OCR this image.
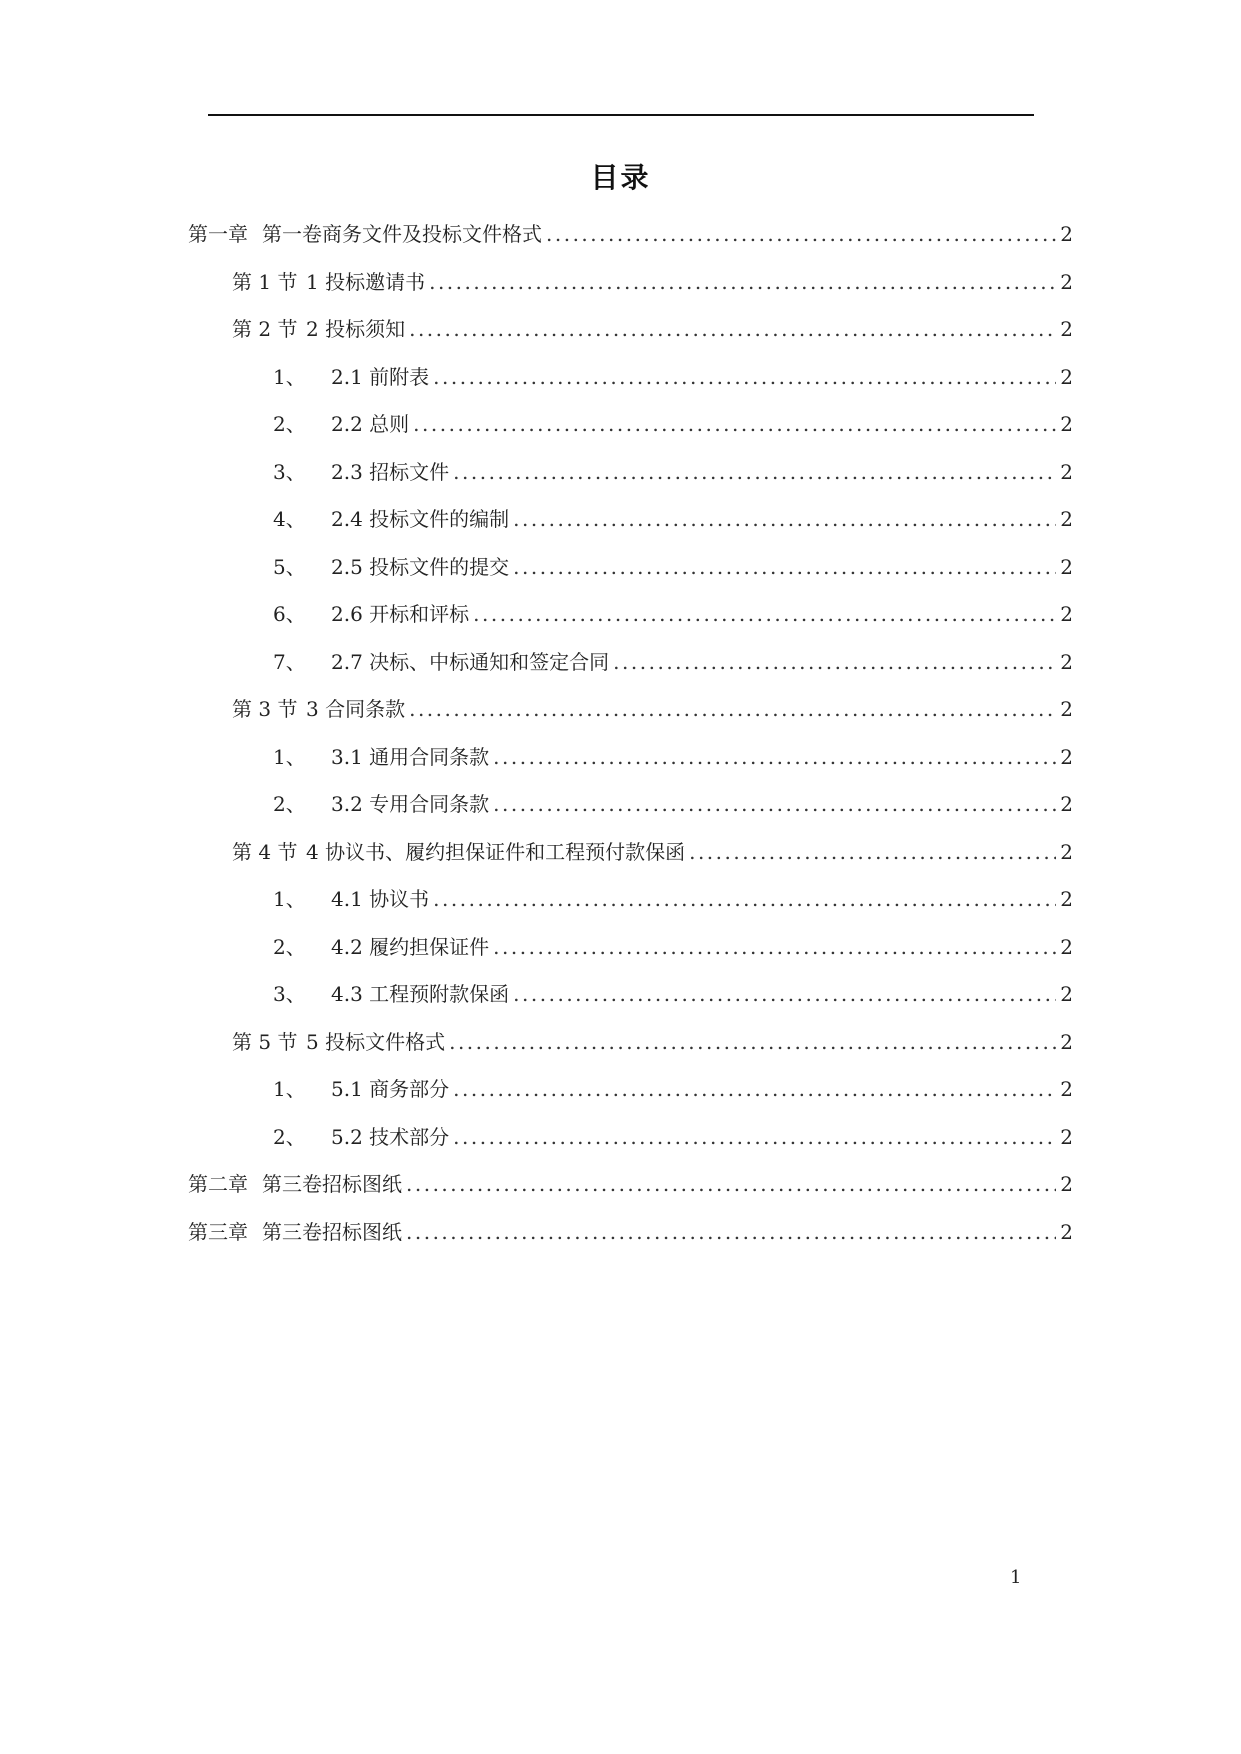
目录
第一章 第一卷商务文件及投标文件格式 .....	2
第 1 节 1 投标邀请书 .....	2
第 2 节 2 投标须知 .....	2
1、	2.1 前附表 .....	2
2、	2.2 总则 .....	2
3、	2.3 招标文件 .....	2
4、	2.4 投标文件的编制 .....	2
5、	2.5 投标文件的提交 .....	2
6、	2.6 开标和评标 .....	2
7、	2.7 决标、中标通知和签定合同 .....	2
第 3 节 3 合同条款 .....	2
1、	3.1 通用合同条款 .....	2
2、	3.2 专用合同条款 .....	2
第 4 节 4 协议书、履约担保证件和工程预付款保函 .....	2
1、	4.1 协议书 .....	2
2、	4.2 履约担保证件 .....	2
3、	4.3 工程预附款保函 .....	2
第 5 节 5 投标文件格式 .....	2
1、	5.1 商务部分 .....	2
2、	5.2 技术部分 .....	2
第二章 第三卷招标图纸 .....	2
第三章 第三卷招标图纸 .....	2
1
